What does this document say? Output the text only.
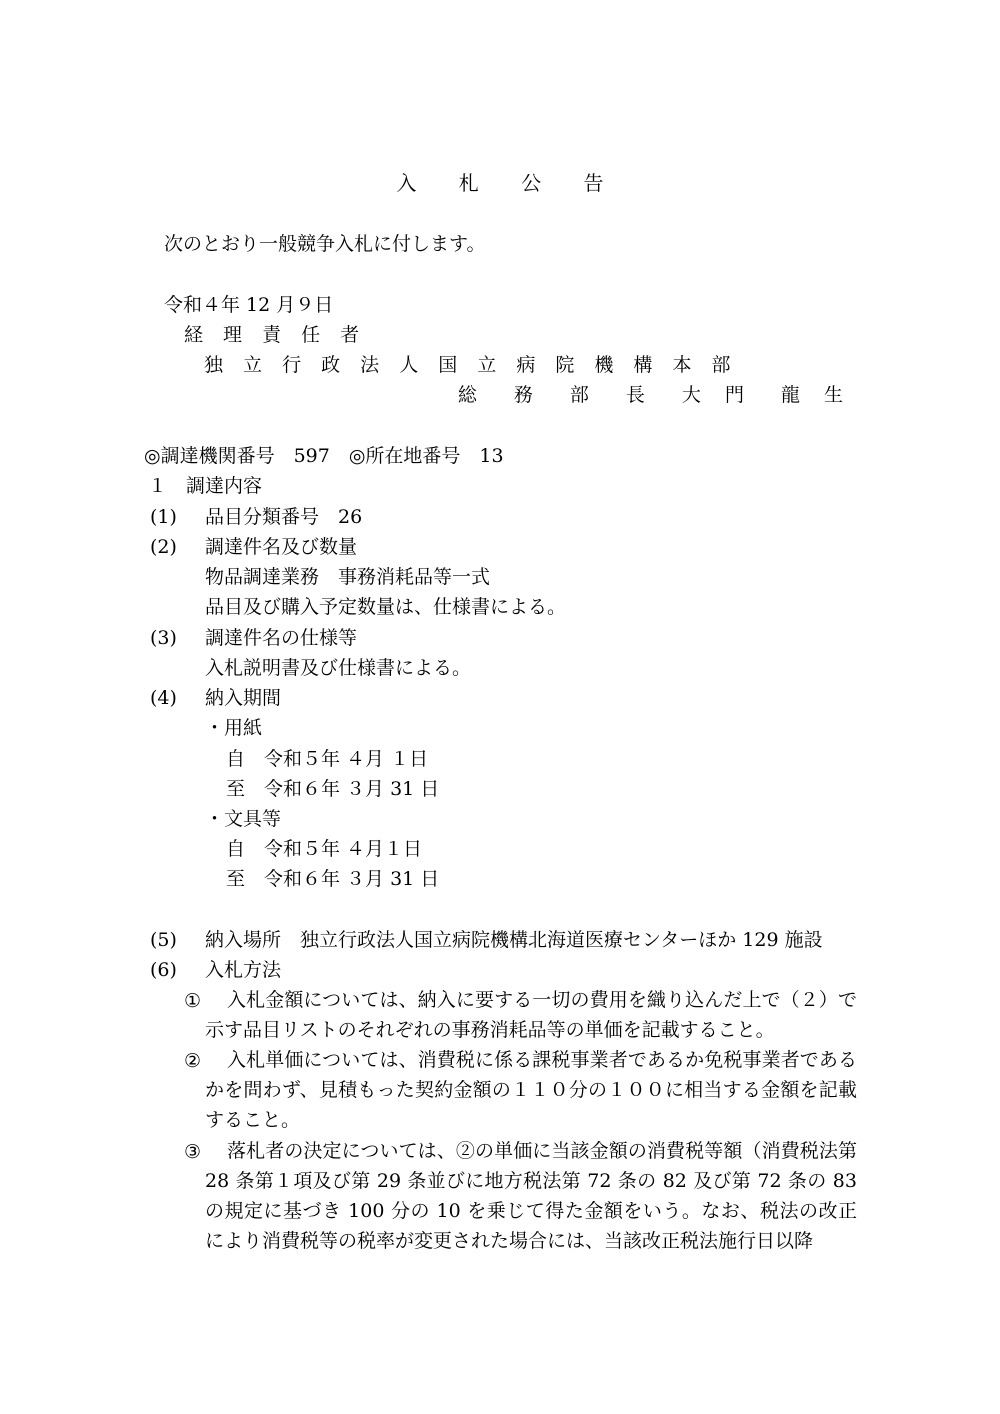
入 札 公 告
次のとおり一般競争入札に付します。
令和４年 12 月９日
経 理 責 任 者
独 立 行 政 法 人 国 立 病 院 機 構 本 部
総　務　部　長　大 門　龍 生
◎調達機関番号　597　◎所在地番号　13
１　調達内容
(1) 品目分類番号　26
(2) 調達件名及び数量
物品調達業務　事務消耗品等一式
品目及び購入予定数量は、仕様書による。
(3) 調達件名の仕様等
入札説明書及び仕様書による。
(4) 納入期間
・用紙
自　令和５年 ４月 １日
至　令和６年 ３月 31 日
・文具等
自　令和５年 ４月１日
至　令和６年 ３月 31 日
(5) 納入場所　独立行政法人国立病院機構北海道医療センターほか 129 施設
(6) 入札方法
①	入札金額については、納入に要する一切の費用を織り込んだ上で（２）で示す品目リストのそれぞれの事務消耗品等の単価を記載すること。
②	入札単価については、消費税に係る課税事業者であるか免税事業者であるかを問わず、見積もった契約金額の１１０分の１００に相当する金額を記載すること。
③	落札者の決定については、②の単価に当該金額の消費税等額（消費税法第 28 条第１項及び第 29 条並びに地方税法第 72 条の 82 及び第 72 条の 83 の規定に基づき 100 分の 10 を乗じて得た金額をいう。なお、税法の改正により消費税等の税率が変更された場合には、当該改正税法施行日以降
